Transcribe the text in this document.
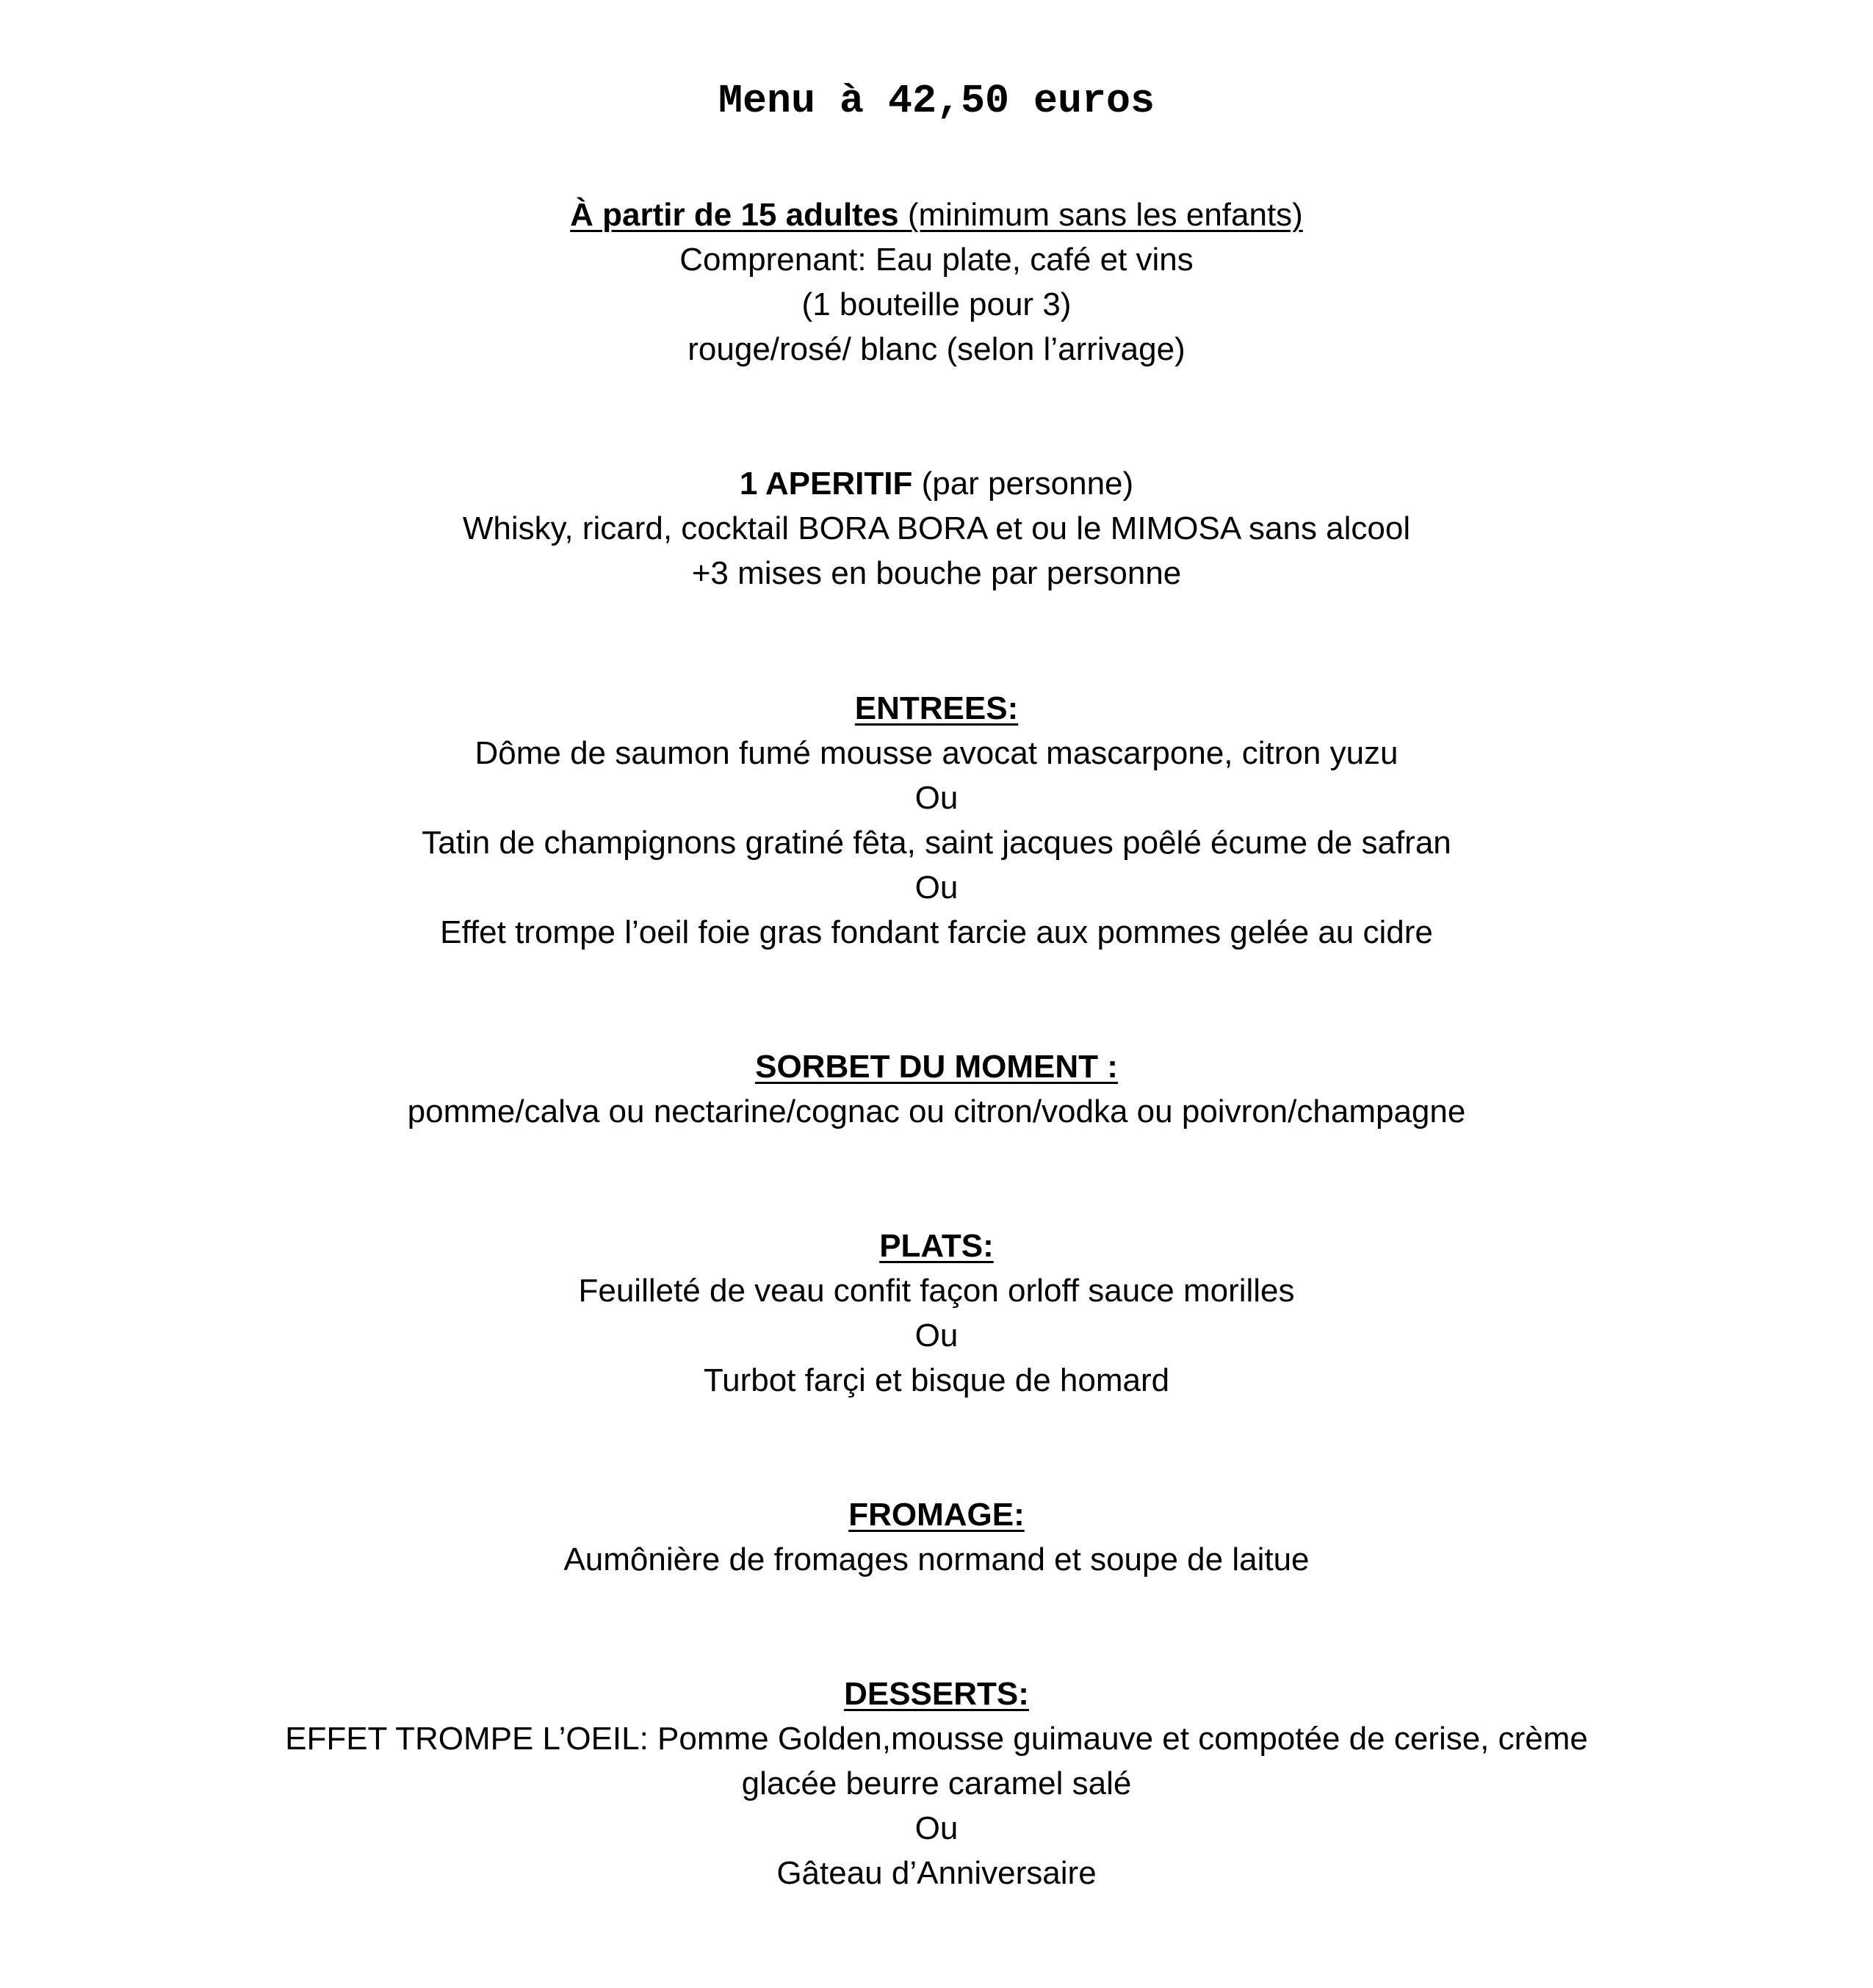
Menu à 42,50 euros

À partir de 15 adultes (minimum sans les enfants)

Comprenant: Eau plate, café et vins

(1 bouteille pour 3)

rouge/rosé/ blanc (selon l’arrivage)

1 APERITIF (par personne)

Whisky, ricard, cocktail BORA BORA et ou le MIMOSA sans alcool

+3 mises en bouche par personne

ENTREES:

Dôme de saumon fumé mousse avocat mascarpone, citron yuzu

Ou

Tatin de champignons gratiné fêta, saint jacques poêlé écume de safran

Ou

Effet trompe l’oeil foie gras fondant farcie aux pommes gelée au cidre

SORBET DU MOMENT :

pomme/calva ou nectarine/cognac ou citron/vodka ou poivron/champagne

PLATS:

Feuilleté de veau confit façon orloff sauce morilles

Ou

Turbot farçi et bisque de homard

FROMAGE:

Aumônière de fromages normand et soupe de laitue

DESSERTS:

EFFET TROMPE L’OEIL: Pomme Golden,mousse guimauve et compotée de cerise, crème

glacée beurre caramel salé

Ou

Gâteau d’Anniversaire
